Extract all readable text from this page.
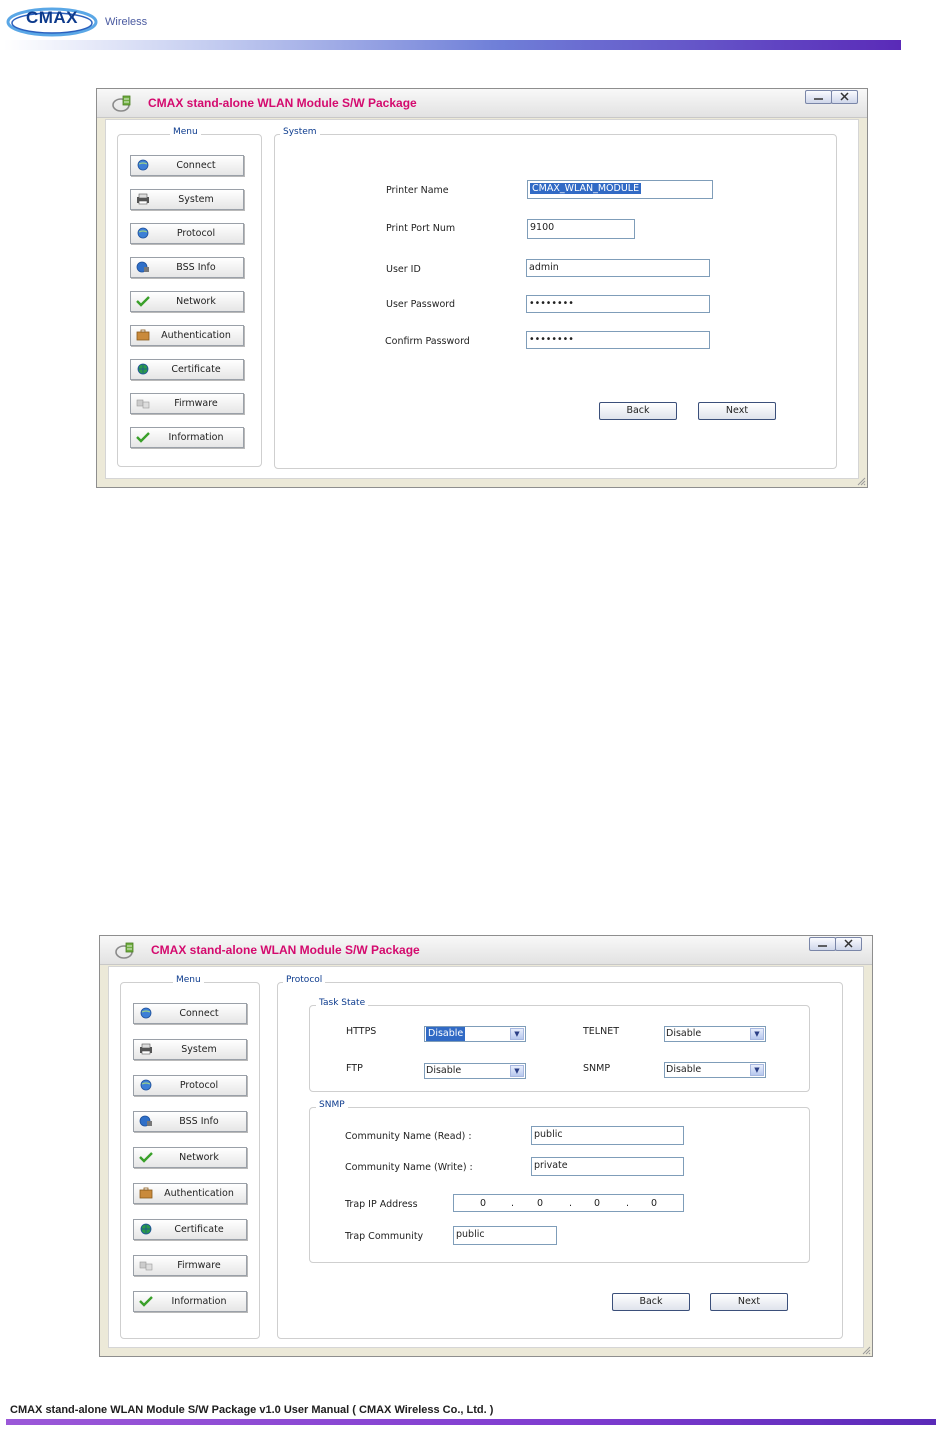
CMAX	Wireless
CMAX stand-alone WLAN Module S/W Package
Menu
Connect
System
Protocol
BSS Info
Network
Authentication
Certificate
Firmware
Information
System
Printer Name	CMAX_WLAN_MODULE
Print Port Num	9100
User ID	admin
User Password	••••••••
Confirm Password	••••••••
Back	Next
CMAX stand-alone WLAN Module S/W Package
Menu
Connect
System
Protocol
BSS Info
Network
Authentication
Certificate
Firmware
Information
Protocol
Task State
HTTPS	Disable	▼	TELNET	Disable	▼
FTP	Disable	▼	SNMP	Disable	▼
SNMP
Community Name (Read) :	public
Community Name (Write) :	private
Trap IP Address	0	. 0	. 0	. 0
Trap Community	public
Back	Next
CMAX stand-alone WLAN Module S/W Package v1.0 User Manual ( CMAX Wireless Co., Ltd. )
